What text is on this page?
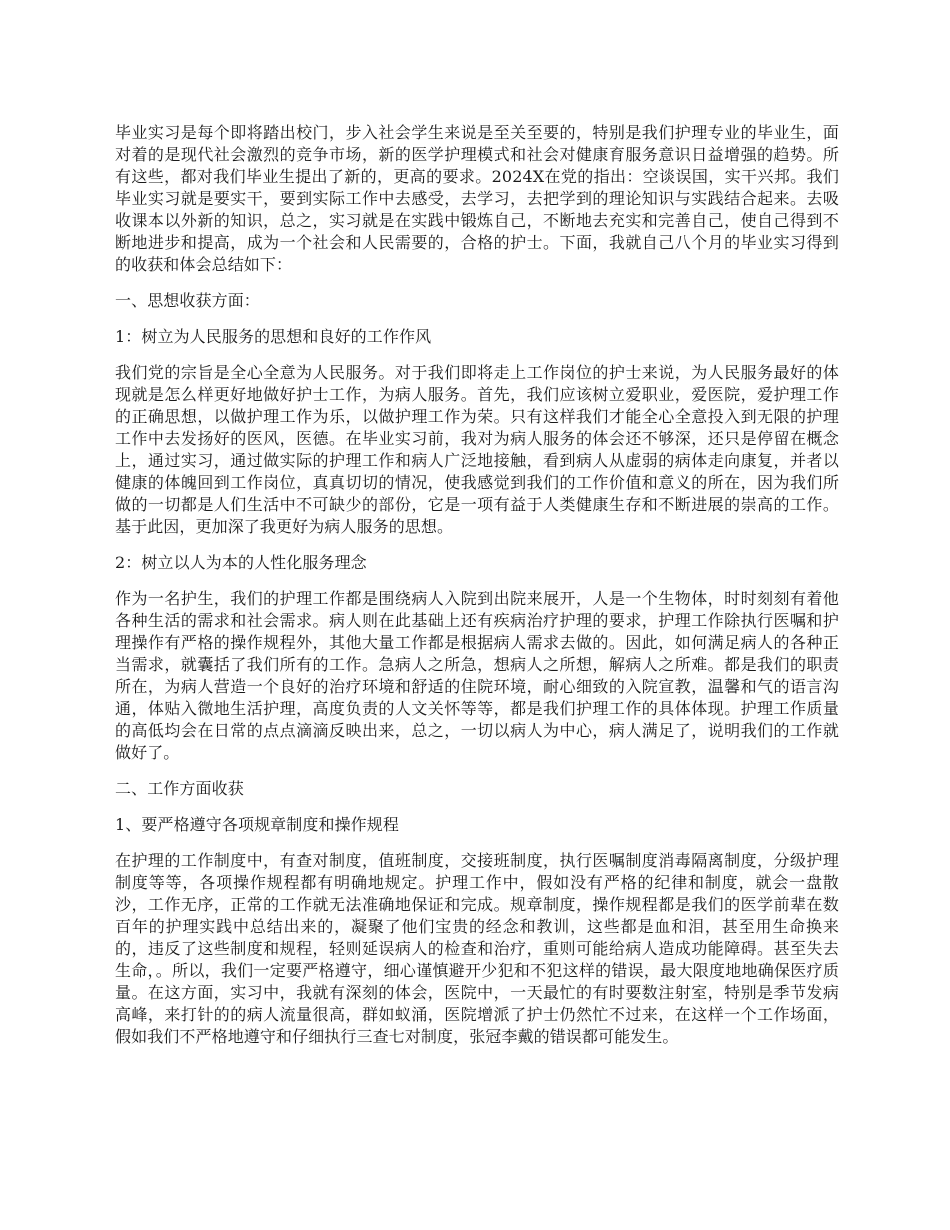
毕业实习是每个即将踏出校门，步入社会学生来说是至关至要的，特别是我们护理专业的毕业生，面对着的是现代社会激烈的竞争市场，新的医学护理模式和社会对健康育服务意识日益增强的趋势。所有这些，都对我们毕业生提出了新的，更高的要求。2024X在党的指出：空谈误国，实干兴邦。我们毕业实习就是要实干，要到实际工作中去感受，去学习，去把学到的理论知识与实践结合起来。去吸收课本以外新的知识，总之，实习就是在实践中锻炼自己，不断地去充实和完善自己，使自己得到不断地进步和提高，成为一个社会和人民需要的，合格的护士。下面，我就自己八个月的毕业实习得到的收获和体会总结如下：

一、思想收获方面：

1：树立为人民服务的思想和良好的工作作风

我们党的宗旨是全心全意为人民服务。对于我们即将走上工作岗位的护士来说，为人民服务最好的体现就是怎么样更好地做好护士工作，为病人服务。首先，我们应该树立爱职业，爱医院，爱护理工作的正确思想，以做护理工作为乐，以做护理工作为荣。只有这样我们才能全心全意投入到无限的护理工作中去发扬好的医风，医德。在毕业实习前，我对为病人服务的体会还不够深，还只是停留在概念上，通过实习，通过做实际的护理工作和病人广泛地接触，看到病人从虚弱的病体走向康复，并者以健康的体魄回到工作岗位，真真切切的情况，使我感觉到我们的工作价值和意义的所在，因为我们所做的一切都是人们生活中不可缺少的部份，它是一项有益于人类健康生存和不断进展的崇高的工作。基于此因，更加深了我更好为病人服务的思想。

2：树立以人为本的人性化服务理念

作为一名护生，我们的护理工作都是围绕病人入院到出院来展开，人是一个生物体，时时刻刻有着他各种生活的需求和社会需求。病人则在此基础上还有疾病治疗护理的要求，护理工作除执行医嘱和护理操作有严格的操作规程外，其他大量工作都是根据病人需求去做的。因此，如何满足病人的各种正当需求，就囊括了我们所有的工作。急病人之所急，想病人之所想，解病人之所难。都是我们的职责所在，为病人营造一个良好的治疗环境和舒适的住院环境，耐心细致的入院宣教，温馨和气的语言沟通，体贴入微地生活护理，高度负责的人文关怀等等，都是我们护理工作的具体体现。护理工作质量的高低均会在日常的点点滴滴反映出来，总之，一切以病人为中心，病人满足了，说明我们的工作就做好了。

二、工作方面收获

1、要严格遵守各项规章制度和操作规程

在护理的工作制度中，有查对制度，值班制度，交接班制度，执行医嘱制度消毒隔离制度，分级护理制度等等，各项操作规程都有明确地规定。护理工作中，假如没有严格的纪律和制度，就会一盘散沙，工作无序，正常的工作就无法准确地保证和完成。规章制度，操作规程都是我们的医学前辈在数百年的护理实践中总结出来的，凝聚了他们宝贵的经念和教训，这些都是血和泪，甚至用生命换来的，违反了这些制度和规程，轻则延误病人的检查和治疗，重则可能给病人造成功能障碍。甚至失去生命，。所以，我们一定要严格遵守，细心谨慎避开少犯和不犯这样的错误，最大限度地地确保医疗质量。在这方面，实习中，我就有深刻的体会，医院中，一天最忙的有时要数注射室，特别是季节发病高峰，来打针的的病人流量很高，群如蚁涌，医院增派了护士仍然忙不过来，在这样一个工作场面，假如我们不严格地遵守和仔细执行三查七对制度，张冠李戴的错误都可能发生。
